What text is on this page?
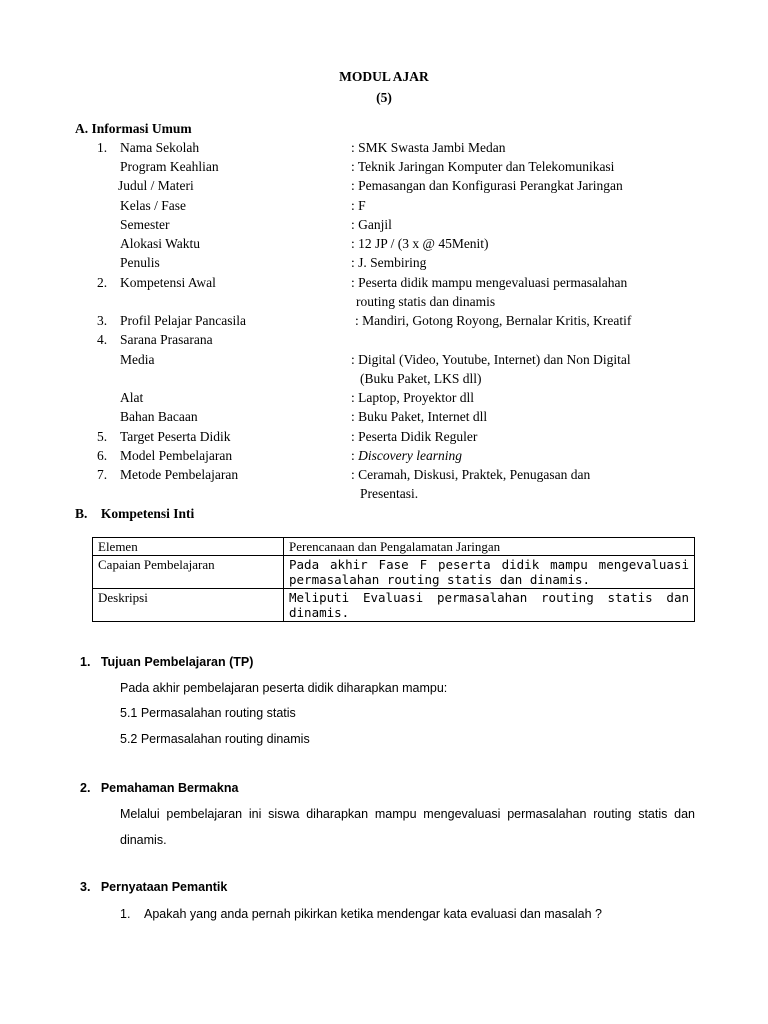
MODUL AJAR
(5)
A. Informasi Umum
1. Nama Sekolah	: SMK Swasta Jambi Medan
Program Keahlian	: Teknik Jaringan Komputer dan Telekomunikasi
Judul / Materi	: Pemasangan dan Konfigurasi Perangkat Jaringan
Kelas / Fase	: F
Semester	: Ganjil
Alokasi Waktu	: 12 JP / (3 x @ 45Menit)
Penulis	: J. Sembiring
2. Kompetensi Awal	: Peserta didik mampu mengevaluasi permasalahan
routing statis dan dinamis
3. Profil Pelajar Pancasila	: Mandiri, Gotong Royong, Bernalar Kritis, Kreatif
4. Sarana Prasarana
Media	: Digital (Video, Youtube, Internet) dan Non Digital
(Buku Paket, LKS dll)
Alat	: Laptop, Proyektor dll
Bahan Bacaan	: Buku Paket, Internet dll
5. Target Peserta Didik	: Peserta Didik Reguler
6. Model Pembelajaran	: Discovery learning
7. Metode Pembelajaran	: Ceramah, Diskusi, Praktek, Penugasan dan
Presentasi.
B.    Kompetensi Inti
Elemen	Perencanaan dan Pengalamatan Jaringan
Capaian Pembelajaran	Pada akhir Fase F peserta didik mampu mengevaluasi permasalahan routing statis dan dinamis.
Deskripsi	Meliputi Evaluasi permasalahan routing statis dan dinamis.
1.   Tujuan Pembelajaran (TP)
Pada akhir pembelajaran peserta didik diharapkan mampu:
5.1 Permasalahan routing statis
5.2 Permasalahan routing dinamis
2.   Pemahaman Bermakna
Melalui pembelajaran ini siswa diharapkan mampu mengevaluasi permasalahan routing statis dan dinamis.
3.   Pernyataan Pemantik
1. Apakah yang anda pernah pikirkan ketika mendengar kata evaluasi dan masalah ?
